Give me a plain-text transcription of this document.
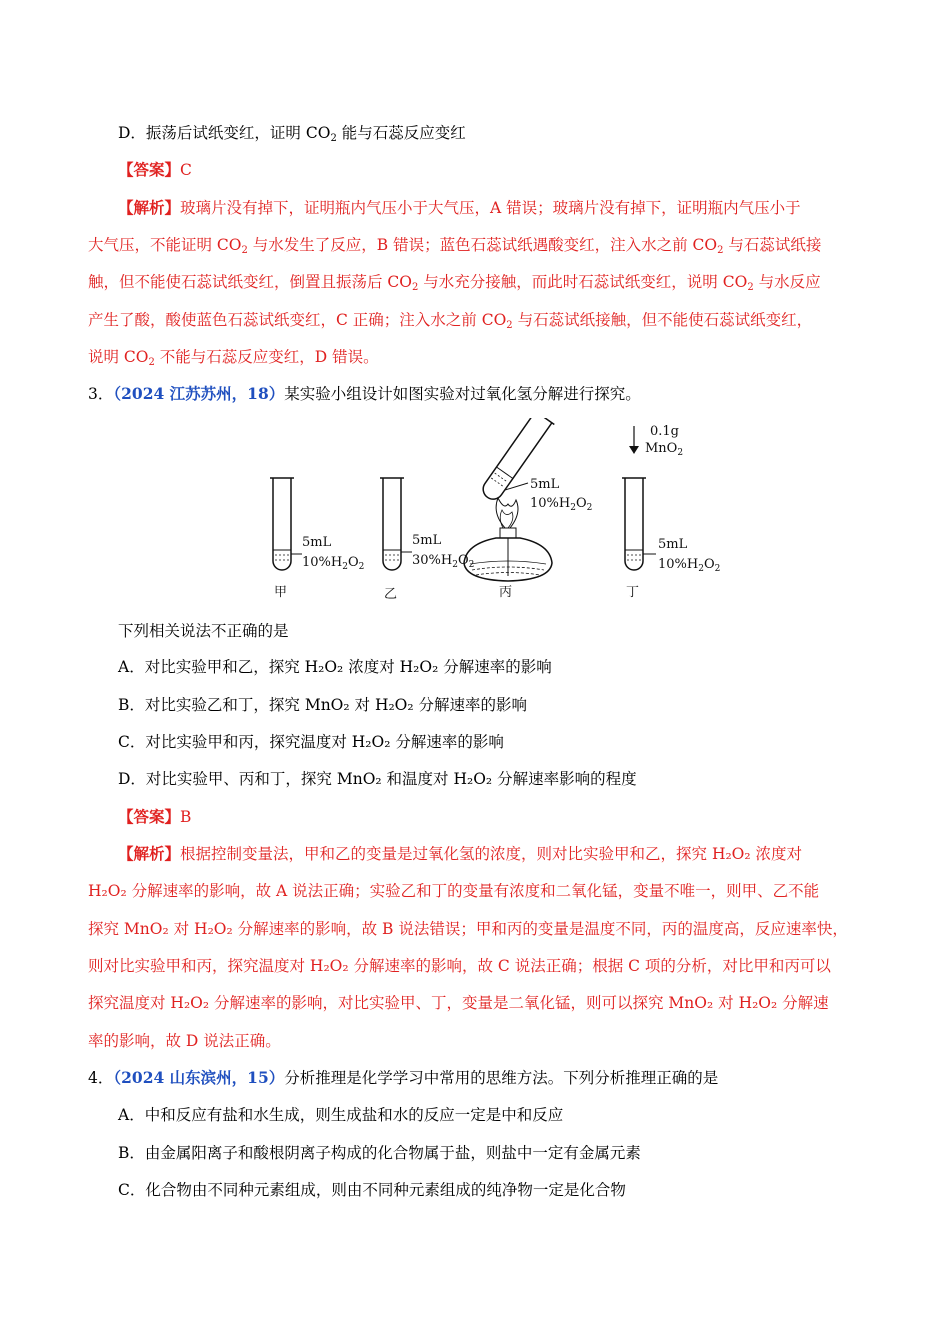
D．振荡后试纸变红，证明 $CO_2$ 能与石蕊反应变红
【答案】C
【解析】玻璃片没有掉下，证明瓶内气压小于大气压，A 错误；玻璃片没有掉下，证明瓶内气压小于
大气压，不能证明 $CO_2$ 与水发生了反应，B 错误；蓝色石蕊试纸遇酸变红，注入水之前 $CO_2$ 与石蕊试纸接
触，但不能使石蕊试纸变红，倒置且振荡后 $CO_2$ 与水充分接触，而此时石蕊试纸变红，说明 $CO_2$ 与水反应
产生了酸，酸使蓝色石蕊试纸变红，C 正确；注入水之前 $CO_2$ 与石蕊试纸接触，但不能使石蕊试纸变红，
说明 $CO_2$ 不能与石蕊反应变红，D 错误。
3．（2024 江苏苏州，18）某实验小组设计如图实验对过氧化氢分解进行探究。
5mL
$10\%H_2O_2$
甲
5mL
$30\%H_2O_2$
乙
5mL
$10\%H_2O_2$
丙
0.1g
MnO$_2$
5mL
$10\%H_2O_2$
丁
下列相关说法不正确的是
A．对比实验甲和乙，探究 H₂O₂ 浓度对 H₂O₂ 分解速率的影响
B．对比实验乙和丁，探究 MnO₂ 对 H₂O₂ 分解速率的影响
C．对比实验甲和丙，探究温度对 H₂O₂ 分解速率的影响
D．对比实验甲、丙和丁，探究 MnO₂ 和温度对 H₂O₂ 分解速率影响的程度
【答案】B
【解析】根据控制变量法，甲和乙的变量是过氧化氢的浓度，则对比实验甲和乙，探究 H₂O₂ 浓度对
H₂O₂ 分解速率的影响，故 A 说法正确；实验乙和丁的变量有浓度和二氧化锰，变量不唯一，则甲、乙不能
探究 MnO₂ 对 H₂O₂ 分解速率的影响，故 B 说法错误；甲和丙的变量是温度不同，丙的温度高，反应速率快，
则对比实验甲和丙，探究温度对 H₂O₂ 分解速率的影响，故 C 说法正确；根据 C 项的分析，对比甲和丙可以
探究温度对 H₂O₂ 分解速率的影响，对比实验甲、丁，变量是二氧化锰，则可以探究 MnO₂ 对 H₂O₂ 分解速
率的影响，故 D 说法正确。
4．（2024 山东滨州，15）分析推理是化学学习中常用的思维方法。下列分析推理正确的是
A．中和反应有盐和水生成，则生成盐和水的反应一定是中和反应
B．由金属阳离子和酸根阴离子构成的化合物属于盐，则盐中一定有金属元素
C．化合物由不同种元素组成，则由不同种元素组成的纯净物一定是化合物
